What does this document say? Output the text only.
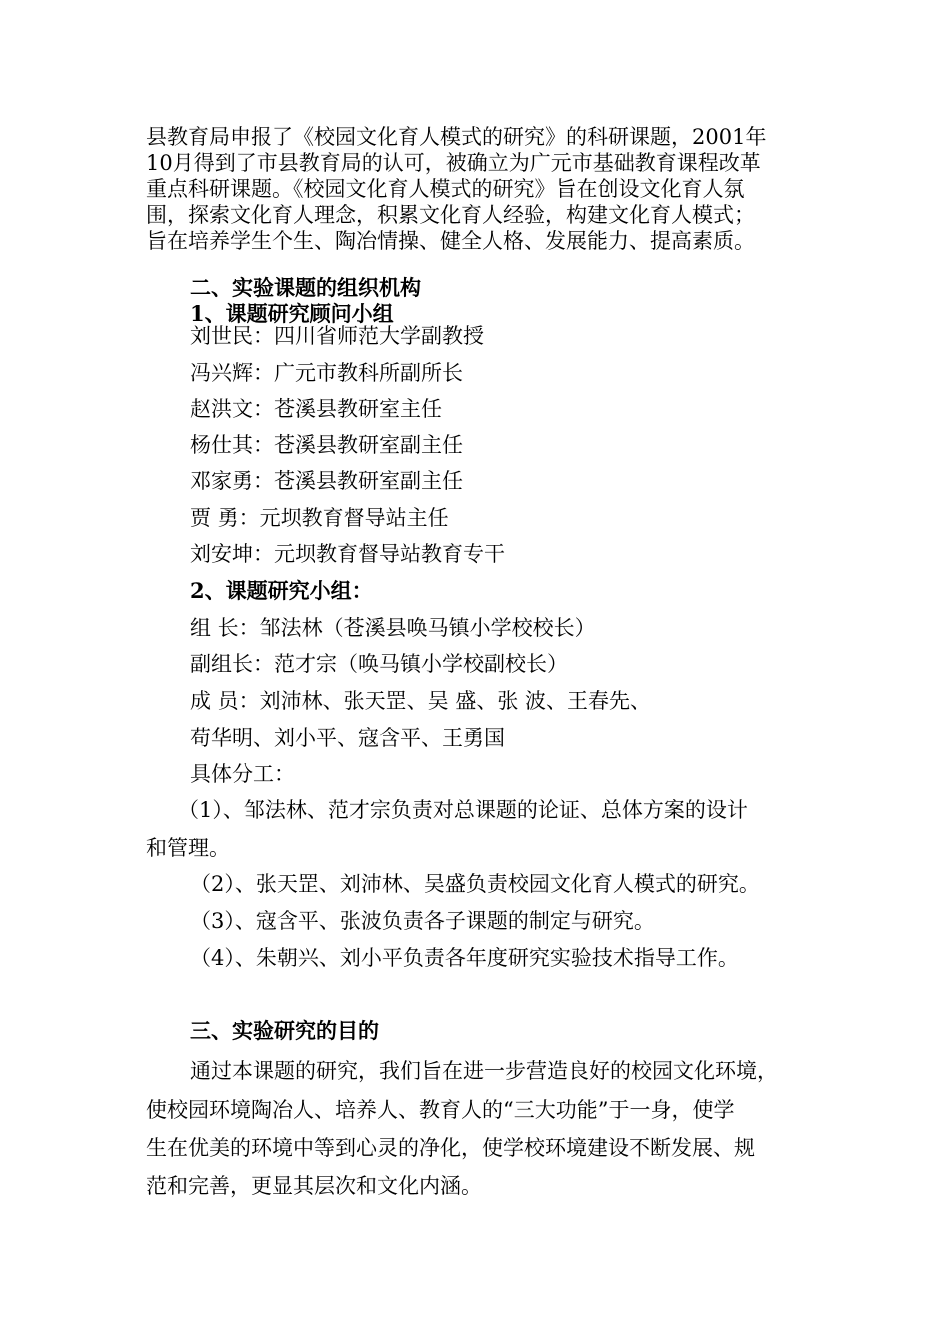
县教育局申报了《校园文化育人模式的研究》的科研课题，2001年
10月得到了市县教育局的认可，被确立为广元市基础教育课程改革
重点科研课题。《校园文化育人模式的研究》旨在创设文化育人氛
围，探索文化育人理念，积累文化育人经验，构建文化育人模式；
旨在培养学生个生、陶冶情操、健全人格、发展能力、提高素质。
二、实验课题的组织机构
1、课题研究顾问小组
刘世民：四川省师范大学副教授
冯兴辉：广元市教科所副所长
赵洪文：苍溪县教研室主任
杨仕其：苍溪县教研室副主任
邓家勇：苍溪县教研室副主任
贾 勇：元坝教育督导站主任
刘安坤：元坝教育督导站教育专干
2、课题研究小组：
组 长：邹法林（苍溪县唤马镇小学校校长）
副组长：范才宗（唤马镇小学校副校长）
成 员：刘沛林、张天罡、吴 盛、张 波、王春先、
苟华明、刘小平、寇含平、王勇国
具体分工：
（1）、邹法林、范才宗负责对总课题的论证、总体方案的设计
和管理。
（2）、张天罡、刘沛林、吴盛负责校园文化育人模式的研究。
（3）、寇含平、张波负责各子课题的制定与研究。
（4）、朱朝兴、刘小平负责各年度研究实验技术指导工作。
三、实验研究的目的
通过本课题的研究，我们旨在进一步营造良好的校园文化环境，
使校园环境陶冶人、培养人、教育人的“三大功能”于一身，使学
生在优美的环境中等到心灵的净化，使学校环境建设不断发展、规
范和完善，更显其层次和文化内涵。
